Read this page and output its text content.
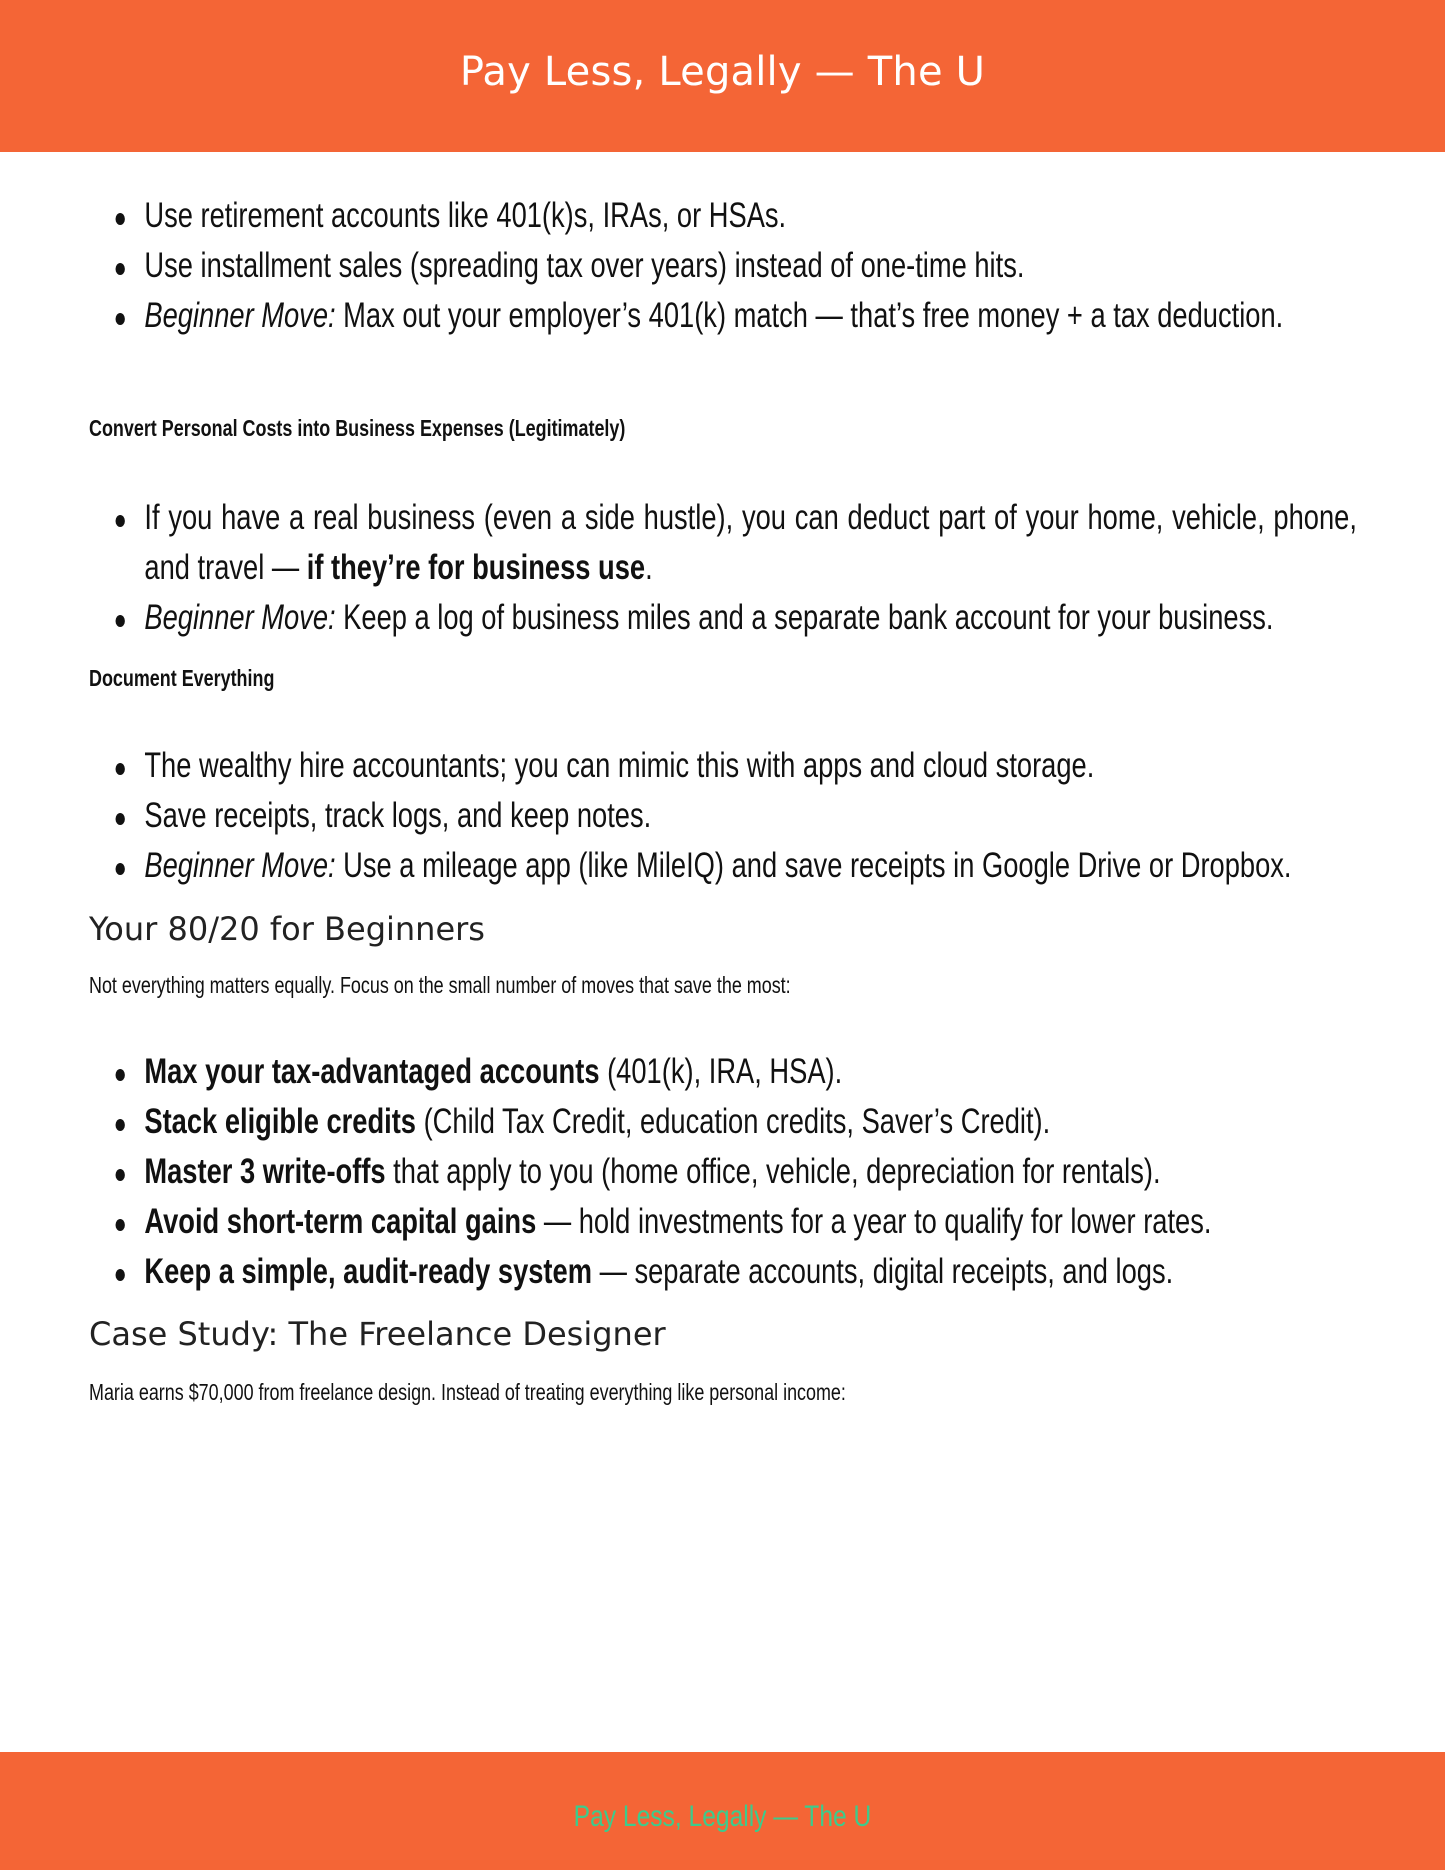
Pay Less, Legally — The U
Use retirement accounts like 401(k)s, IRAs, or HSAs.
Use installment sales (spreading tax over years) instead of one-time hits.
Beginner Move: Max out your employer’s 401(k) match — that’s free money + a tax deduction.
Convert Personal Costs into Business Expenses (Legitimately)
If you have a real business (even a side hustle), you can deduct part of your home, vehicle, phone, and travel — if they’re for business use.
Beginner Move: Keep a log of business miles and a separate bank account for your business.
Document Everything
The wealthy hire accountants; you can mimic this with apps and cloud storage.
Save receipts, track logs, and keep notes.
Beginner Move: Use a mileage app (like MileIQ) and save receipts in Google Drive or Dropbox.
Your 80/20 for Beginners
Not everything matters equally. Focus on the small number of moves that save the most:
Max your tax-advantaged accounts (401(k), IRA, HSA).
Stack eligible credits (Child Tax Credit, education credits, Saver’s Credit).
Master 3 write-offs that apply to you (home office, vehicle, depreciation for rentals).
Avoid short-term capital gains — hold investments for a year to qualify for lower rates.
Keep a simple, audit-ready system — separate accounts, digital receipts, and logs.
Case Study: The Freelance Designer
Maria earns $70,000 from freelance design. Instead of treating everything like personal income:
Pay Less, Legally — The U
